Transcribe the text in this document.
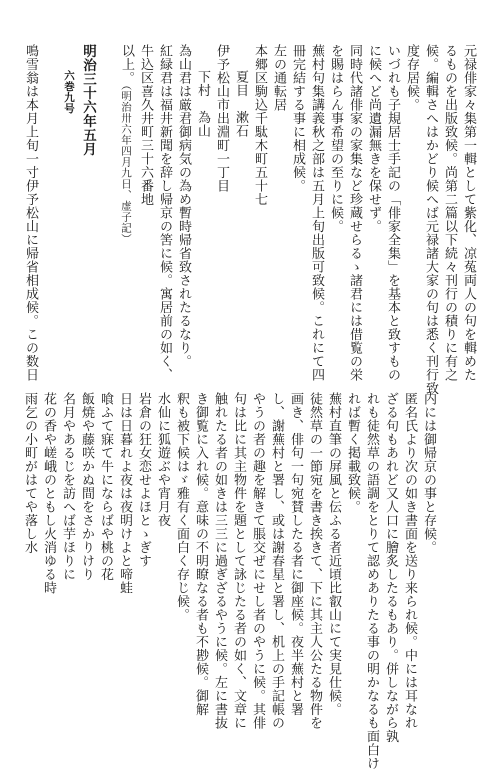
元禄俳家々集第一輯として紫化、凉菟両人の句を輯めた
るものを出版致候。尚第二篇以下続々刊行の積りに有之
候。編輯さへはかどり候へば元禄諸大家の句は悉く刊行致
度存居候。
いづれも子規居士手記の「俳家全集」を基本と致すもの
に候へど尚遺漏無きを保せず。
同時代諸俳家の家集など珍蔵せらるゝ諸君には借覧の栄
を賜はらん事希望の至りに候。
蕪村句集講義秋之部は五月上旬出版可致候。これにて四
冊完結する事に相成候。
左の通転居
本郷区駒込千駄木町五十七
夏目　漱石
伊予松山市出淵町一丁目
下村　為山
為山君は厳君御病気の為め暫時帰省致されたるなり。
紅緑君は福井新聞を辞し帰京の筈に候。寓居前の如く、
牛込区喜久井町三十六番地
以上。（明治卅六年四月九日、虚子記）

明治三十六年五月
六巻九号

鳴雪翁は本月上旬一寸伊予松山に帰省相成候。この数日
内には御帰京の事と存候。
匿名氏より次の如き書面を送り来られ候。中には耳なれ
ざる句もあれど又人口に膾炙したるもあり。併しながら孰
れも徒然草の語調をとりて認めありたる事の明かなるも面白け
れば暫く掲載致候。
蕪村直筆の屏風と伝ふる者近頃比叡山にて実見仕候。
徒然草の一節宛を書き挨きて、下に其主人公たる物件を
画き、俳句一句宛賛したる者に御座候。夜半蕪村と署
し、謝蕪村と署し、或は謝春星と署し、机上の手記帳の
やうの者の趣を解きて脹交ぜにせし者のやうに候。其俳
句は比に其主物件を題として詠じたる者の如く、文章に
触れたる者の如きは三三に過ぎざるやうに候。左に書抜
き御覧に入れ候。意味の不明瞭なる者も不尠候。御解
釈も被下候はゞ雅有く面白く存じ候。
水仙に狐遊ぶや宵月夜
岩倉の狂女恋せよほとゝぎす
日は日暮れよ夜は夜明けよと啼蛙
喰ふて寐て牛にならばや桃の花
飯焼や藤咲かぬ間をさかりけり
名月やあるじを訪へば芋ほりに
花の香や嵯峨のともし火消ゆる時
雨乞の小町がはてや落し水
